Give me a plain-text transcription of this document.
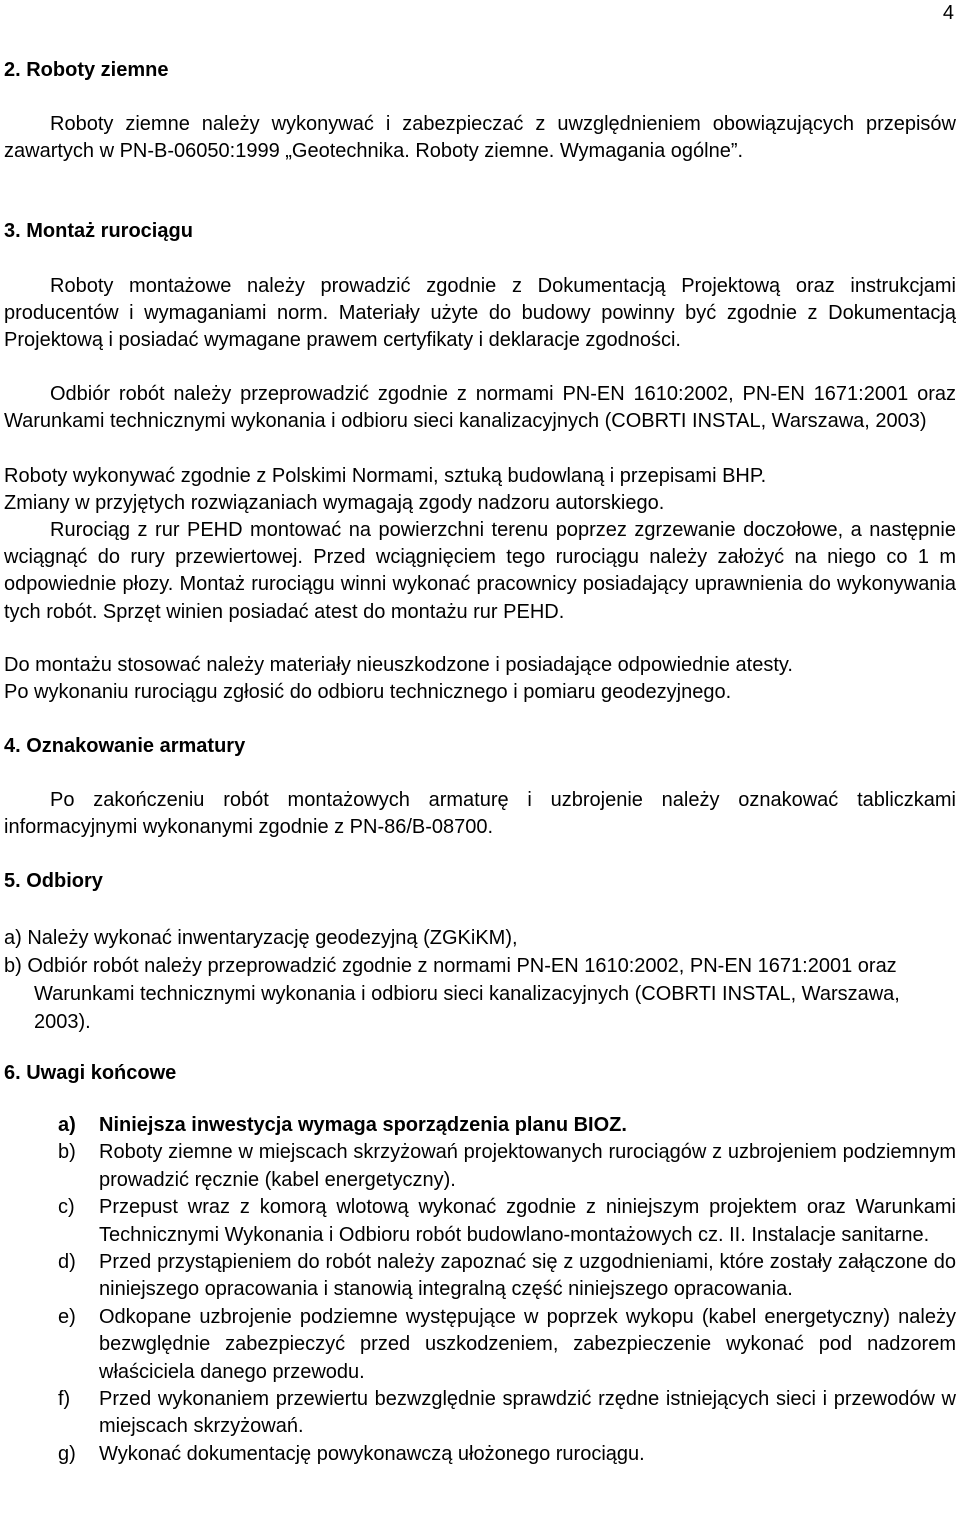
4
2. Roboty ziemne
Roboty ziemne należy wykonywać i zabezpieczać z uwzględnieniem obowiązujących przepisów zawartych w PN-B-06050:1999 „Geotechnika. Roboty ziemne. Wymagania ogólne”.
3. Montaż rurociągu
Roboty montażowe należy prowadzić zgodnie z Dokumentacją Projektową oraz instrukcjami producentów i wymaganiami norm. Materiały użyte do budowy powinny być zgodnie z Dokumentacją Projektową i posiadać wymagane prawem certyfikaty i deklaracje zgodności.
Odbiór robót należy przeprowadzić zgodnie z normami PN-EN 1610:2002, PN-EN 1671:2001 oraz Warunkami technicznymi wykonania i odbioru sieci kanalizacyjnych (COBRTI INSTAL, Warszawa, 2003)
Roboty wykonywać zgodnie z Polskimi Normami, sztuką budowlaną i przepisami BHP.
Zmiany w przyjętych rozwiązaniach wymagają zgody nadzoru autorskiego.
Rurociąg z rur PEHD montować na powierzchni terenu poprzez zgrzewanie doczołowe, a następnie wciągnąć do rury przewiertowej. Przed wciągnięciem tego rurociągu należy założyć na niego co 1 m odpowiednie płozy. Montaż rurociągu winni wykonać pracownicy posiadający uprawnienia do wykonywania tych robót. Sprzęt winien posiadać atest do montażu rur PEHD.
Do montażu stosować należy materiały nieuszkodzone i posiadające odpowiednie atesty.
Po wykonaniu rurociągu zgłosić do odbioru technicznego i pomiaru geodezyjnego.
4. Oznakowanie armatury
Po zakończeniu robót montażowych armaturę i uzbrojenie należy oznakować tabliczkami informacyjnymi wykonanymi zgodnie z PN-86/B-08700.
5. Odbiory
a) Należy wykonać inwentaryzację geodezyjną (ZGKiKM),
b) Odbiór robót należy przeprowadzić zgodnie z normami PN-EN 1610:2002, PN-EN 1671:2001 oraz Warunkami technicznymi wykonania i odbioru sieci kanalizacyjnych (COBRTI INSTAL, Warszawa, 2003).
6. Uwagi końcowe
a)	Niniejsza inwestycja wymaga sporządzenia planu BIOZ.
b)	Roboty ziemne w miejscach skrzyżowań projektowanych rurociągów z uzbrojeniem podziemnym prowadzić ręcznie (kabel energetyczny).
c)	Przepust wraz z komorą wlotową wykonać zgodnie z niniejszym projektem oraz Warunkami Technicznymi Wykonania i Odbioru robót budowlano-montażowych cz. II. Instalacje sanitarne.
d)	Przed przystąpieniem do robót należy zapoznać się z uzgodnieniami, które zostały załączone do niniejszego opracowania i stanowią integralną część niniejszego opracowania.
e)	Odkopane uzbrojenie podziemne występujące w poprzek wykopu (kabel energetyczny) należy bezwględnie zabezpieczyć przed uszkodzeniem, zabezpieczenie wykonać pod nadzorem właściciela danego przewodu.
f)	Przed wykonaniem przewiertu bezwzględnie sprawdzić rzędne istniejących sieci i przewodów w miejscach skrzyżowań.
g)	Wykonać dokumentację powykonawczą ułożonego rurociągu.
